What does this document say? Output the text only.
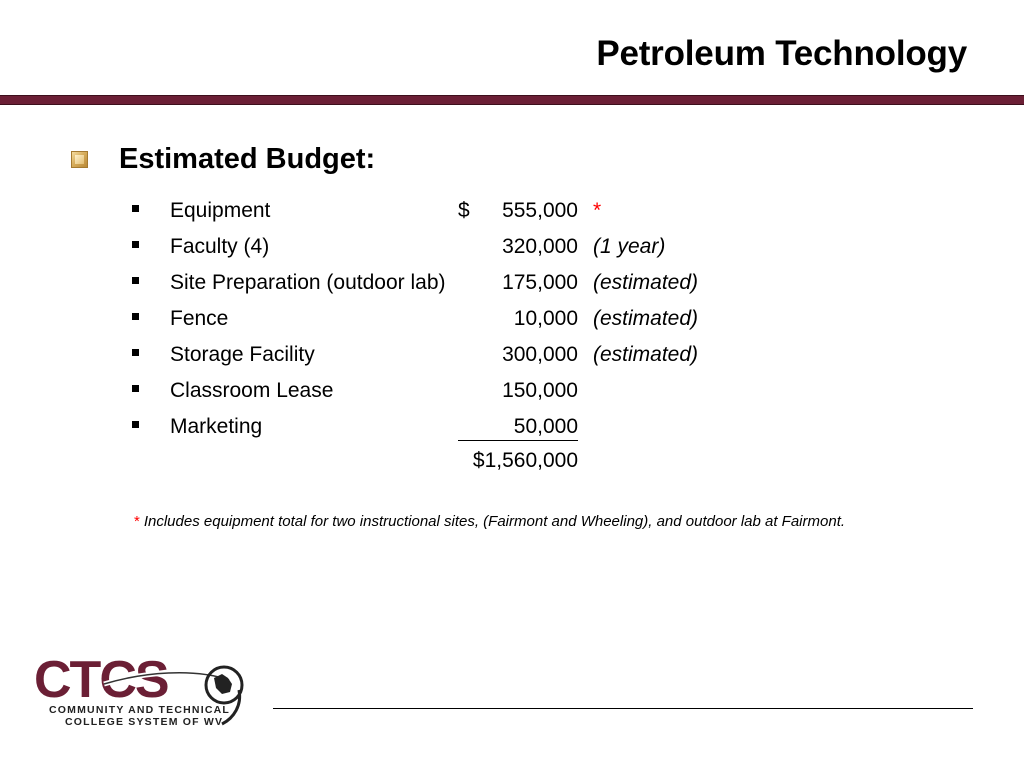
Petroleum Technology
Estimated Budget:
Equipment	$ 555,000 *
Faculty (4)	320,000 (1 year)
Site Preparation (outdoor lab)	175,000 (estimated)
Fence	10,000 (estimated)
Storage Facility	300,000 (estimated)
Classroom Lease	150,000
Marketing	50,000
$1,560,000
* Includes equipment total for two instructional sites, (Fairmont and Wheeling), and outdoor lab at Fairmont.
CTCS
COMMUNITY AND TECHNICAL
COLLEGE SYSTEM OF WV
